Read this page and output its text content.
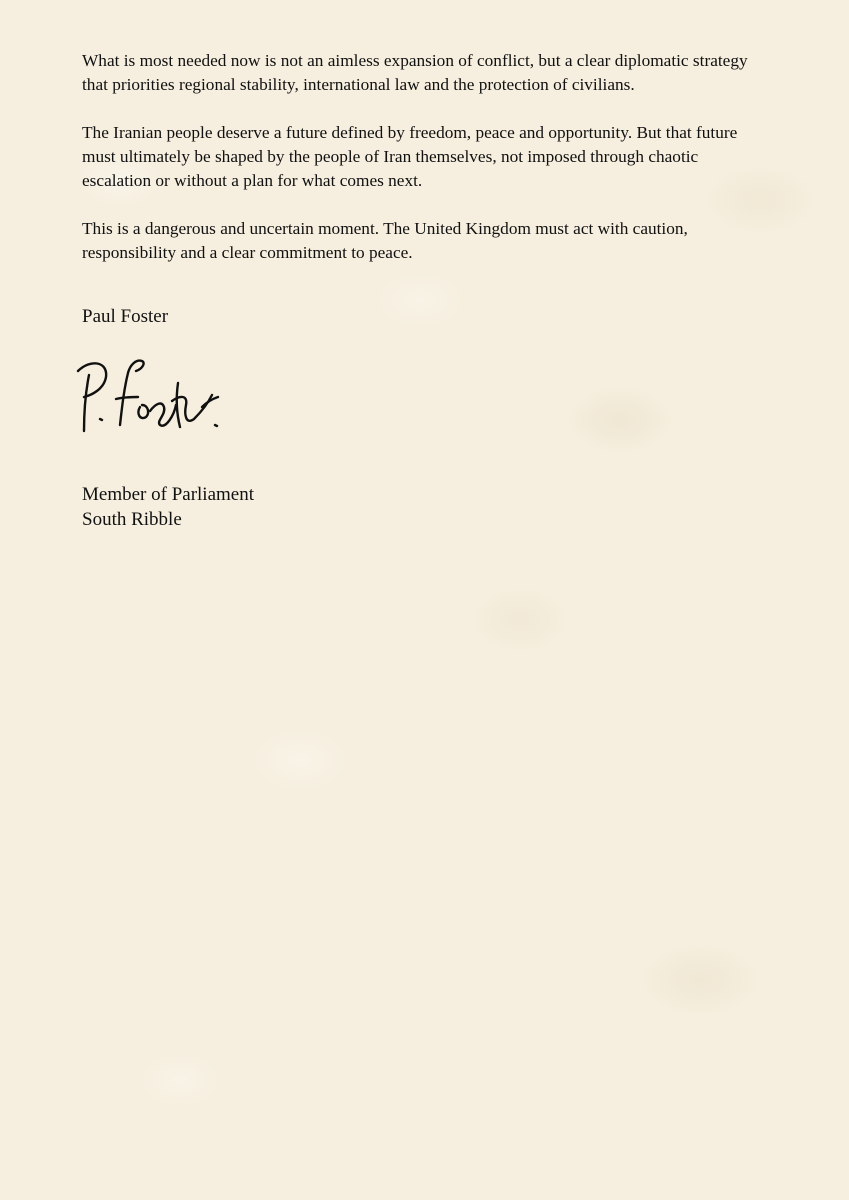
What is most needed now is not an aimless expansion of conflict, but a clear diplomatic strategy that priorities regional stability, international law and the protection of civilians.

The Iranian people deserve a future defined by freedom, peace and opportunity. But that future must ultimately be shaped by the people of Iran themselves, not imposed through chaotic escalation or without a plan for what comes next.

This is a dangerous and uncertain moment. The United Kingdom must act with caution, responsibility and a clear commitment to peace.

Paul Foster
Member of Parliament
South Ribble
